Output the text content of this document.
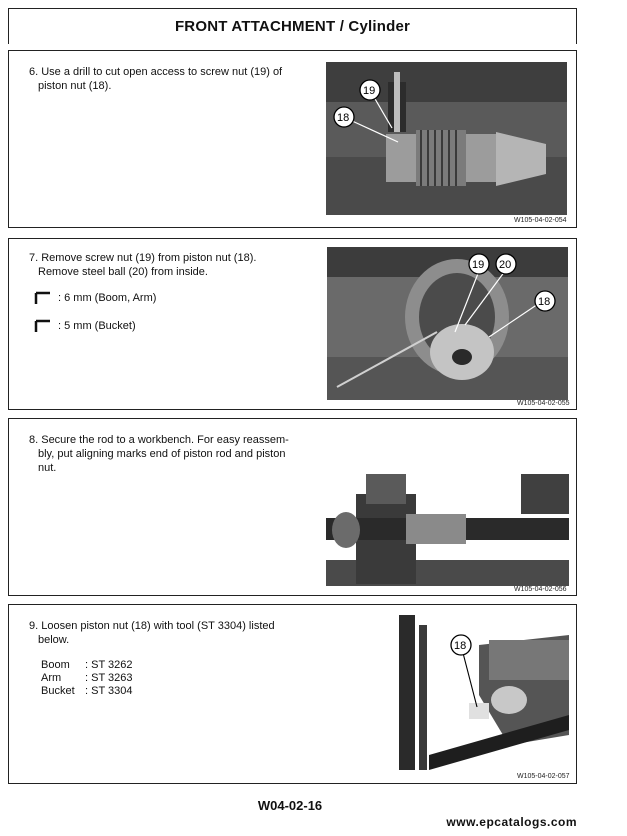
FRONT ATTACHMENT / Cylinder
6. Use a drill to cut open access to screw nut (19) of
piston nut (18).	19
18
W105-04-02-054
7. Remove screw nut (19) from piston nut (18).
Remove steel ball (20) from inside.
: 6 mm (Boom, Arm)
: 5 mm (Bucket)
19 20
18
W105-04-02-055
8. Secure the rod to a workbench. For easy reassem-
bly, put aligning marks end of piston rod and piston
nut.
W105-04-02-056
9. Loosen piston nut (18) with tool (ST 3304) listed
below.
Boom	: ST 3262
Arm	: ST 3263
Bucket : ST 3304
18
W105-04-02-057
W04-02-16
www.epcatalogs.com
